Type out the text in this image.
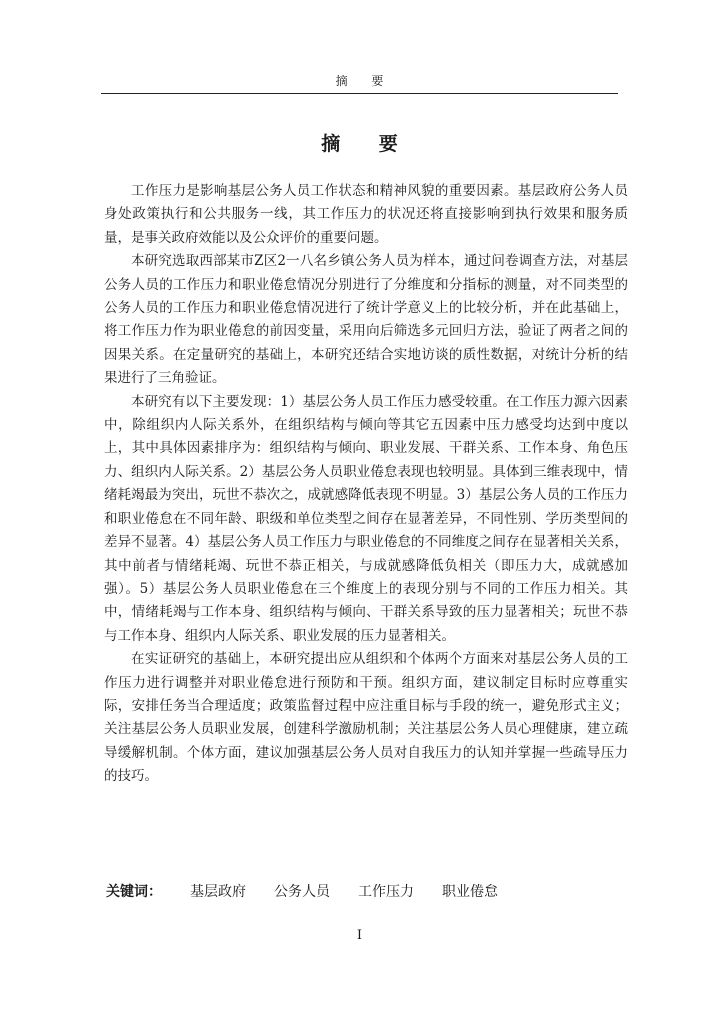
摘 要
摘 要

工作压力是影响基层公务人员工作状态和精神风貌的重要因素。基层政府公务人员身处政策执行和公共服务一线，其工作压力的状况还将直接影响到执行效果和服务质量，是事关政府效能以及公众评价的重要问题。

本研究选取西部某市Z区2一八名乡镇公务人员为样本，通过问卷调查方法，对基层公务人员的工作压力和职业倦怠情况分别进行了分维度和分指标的测量，对不同类型的公务人员的工作压力和职业倦怠情况进行了统计学意义上的比较分析，并在此基础上，将工作压力作为职业倦怠的前因变量，采用向后筛选多元回归方法，验证了两者之间的因果关系。在定量研究的基础上，本研究还结合实地访谈的质性数据，对统计分析的结果进行了三角验证。

本研究有以下主要发现：1）基层公务人员工作压力感受较重。在工作压力源六因素中，除组织内人际关系外，在组织结构与倾向等其它五因素中压力感受均达到中度以上，其中具体因素排序为：组织结构与倾向、职业发展、干群关系、工作本身、角色压力、组织内人际关系。2）基层公务人员职业倦怠表现也较明显。具体到三维表现中，情绪耗竭最为突出，玩世不恭次之，成就感降低表现不明显。3）基层公务人员的工作压力和职业倦怠在不同年龄、职级和单位类型之间存在显著差异，不同性别、学历类型间的差异不显著。4）基层公务人员工作压力与职业倦怠的不同维度之间存在显著相关关系，其中前者与情绪耗竭、玩世不恭正相关，与成就感降低负相关（即压力大，成就感加强）。5）基层公务人员职业倦怠在三个维度上的表现分别与不同的工作压力相关。其中，情绪耗竭与工作本身、组织结构与倾向、干群关系导致的压力显著相关；玩世不恭与工作本身、组织内人际关系、职业发展的压力显著相关。

在实证研究的基础上，本研究提出应从组织和个体两个方面来对基层公务人员的工作压力进行调整并对职业倦怠进行预防和干预。组织方面，建议制定目标时应尊重实际，安排任务当合理适度；政策监督过程中应注重目标与手段的统一，避免形式主义；关注基层公务人员职业发展，创建科学激励机制；关注基层公务人员心理健康，建立疏导缓解机制。个体方面，建议加强基层公务人员对自我压力的认知并掌握一些疏导压力的技巧。

关键词： 基层政府 公务人员 工作压力 职业倦怠
I
